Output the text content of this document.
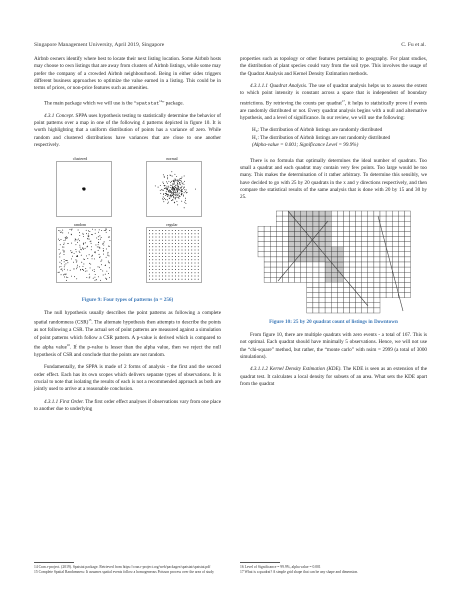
Singapore Management University, April 2019, Singapore	C. Fu et al.

Airbnb owners identify where best to locate their next listing location. Some Airbnb hosts may choose to own listings that are away from clusters of Airbnb listings, while some may prefer the company of a crowded Airbnb neighbourhood. Being in either sides triggers different business approaches to optimize the value earned in a listing. This could be in terms of prices, or non-price features such as amenities.

The main package which we will use is the “spatstat$^{14}$” package.

4.3.1 Concept. SPPA uses hypothesis testing to statistically determine the behavior of point patterns over a map in one of the following 4 patterns depicted in figure 10. It is worth highlighting that a uniform distribution of points has a variance of zero. While random and clustered distributions have variances that are close to one another respectively.

clustered	normal
random	regular
Figure 9: Four types of patterns (n = 256)

The null hypothesis usually describes the point patterns as following a complete spatial randomness (CSR)$^{15}$. The alternate hypothesis then attempts to describe the points as not following a CSR. The actual set of point patterns are measured against a simulation of point patterns which follow a CSR pattern. A p-value is derived which is compared to the alpha value$^{16}$. If the p-value is lesser than the alpha value, then we reject the null hypothesis of CSR and conclude that the points are not random.

Fundamentally, the SPPA is made of 2 forms of analysis - the first and the second order effect. Each has its own scopes which delivers separate types of observations. It is crucial to note that isolating the results of each is not a recommended approach as both are jointly used to arrive at a reasonable conclusion.

4.3.1.1 First Order. The first order effect analyses if observations vary from one place to another due to underlying

14 Cran.r-project. (2019). Spatstat package. Retrieved from https://cran.r-project.org/web/packages/spatstat/spatstat.pdf
15 Complete Spatial Randomness: It assumes spatial events follow a homogeneous Poisson process over the area of study

properties such as topology or other features pertaining to geography. For plant studies, the distribution of plant species could vary from the soil type. This involves the usage of the Quadrat Analysis and Kernel Density Estimation methods.

4.3.1.1.1 Quadrat Analysis. The use of quadrat analysis helps us to assess the extent to which point intensity is constant across a space that is independent of boundary restrictions. By retrieving the counts per quadrat$^{17}$, it helps to statistically prove if events are randomly distributed or not. Every quadrat analysis begins with a null and alternative hypothesis, and a level of significance. In our review, we will use the following:

H₀: The distribution of Airbnb listings are randomly distributed
H₁: The distribution of Airbnb listings are not randomly distributed
(Alpha-value = 0.001; Significance Level = 99.9%)

There is no formula that optimally determines the ideal number of quadrats. Too small a quadrat and each quadrat may contain very few points. Too large would be too many. This makes the determination of it rather arbitrary. To determine this sensibly, we have decided to go with 25 by 20 quadrats in the x and y directions respectively, and then compare the statistical results of the same analysis that is done with 20 by 15 and 30 by 25.

Figure 10: 25 by 20 quadrat count of listings in Downtown

From figure 10, there are multiple quadrats with zero events - a total of 167. This is not optimal. Each quadrat should have minimally 5 observations. Hence, we will not use the “chi-square” method, but rather, the “monte carlo” with nsim = 2999 (a total of 3000 simulations).

4.3.1.1.2 Kernel Density Estimation (KDE). The KDE is seen as an extension of the quadrat test. It calculates a local density for subsets of an area. What sets the KDE apart from the quadrat

16 Level of Significance = 99.9%, alpha value = 0.001
17 What is a quadrat? A simple grid shape that can be any shape and dimension.
